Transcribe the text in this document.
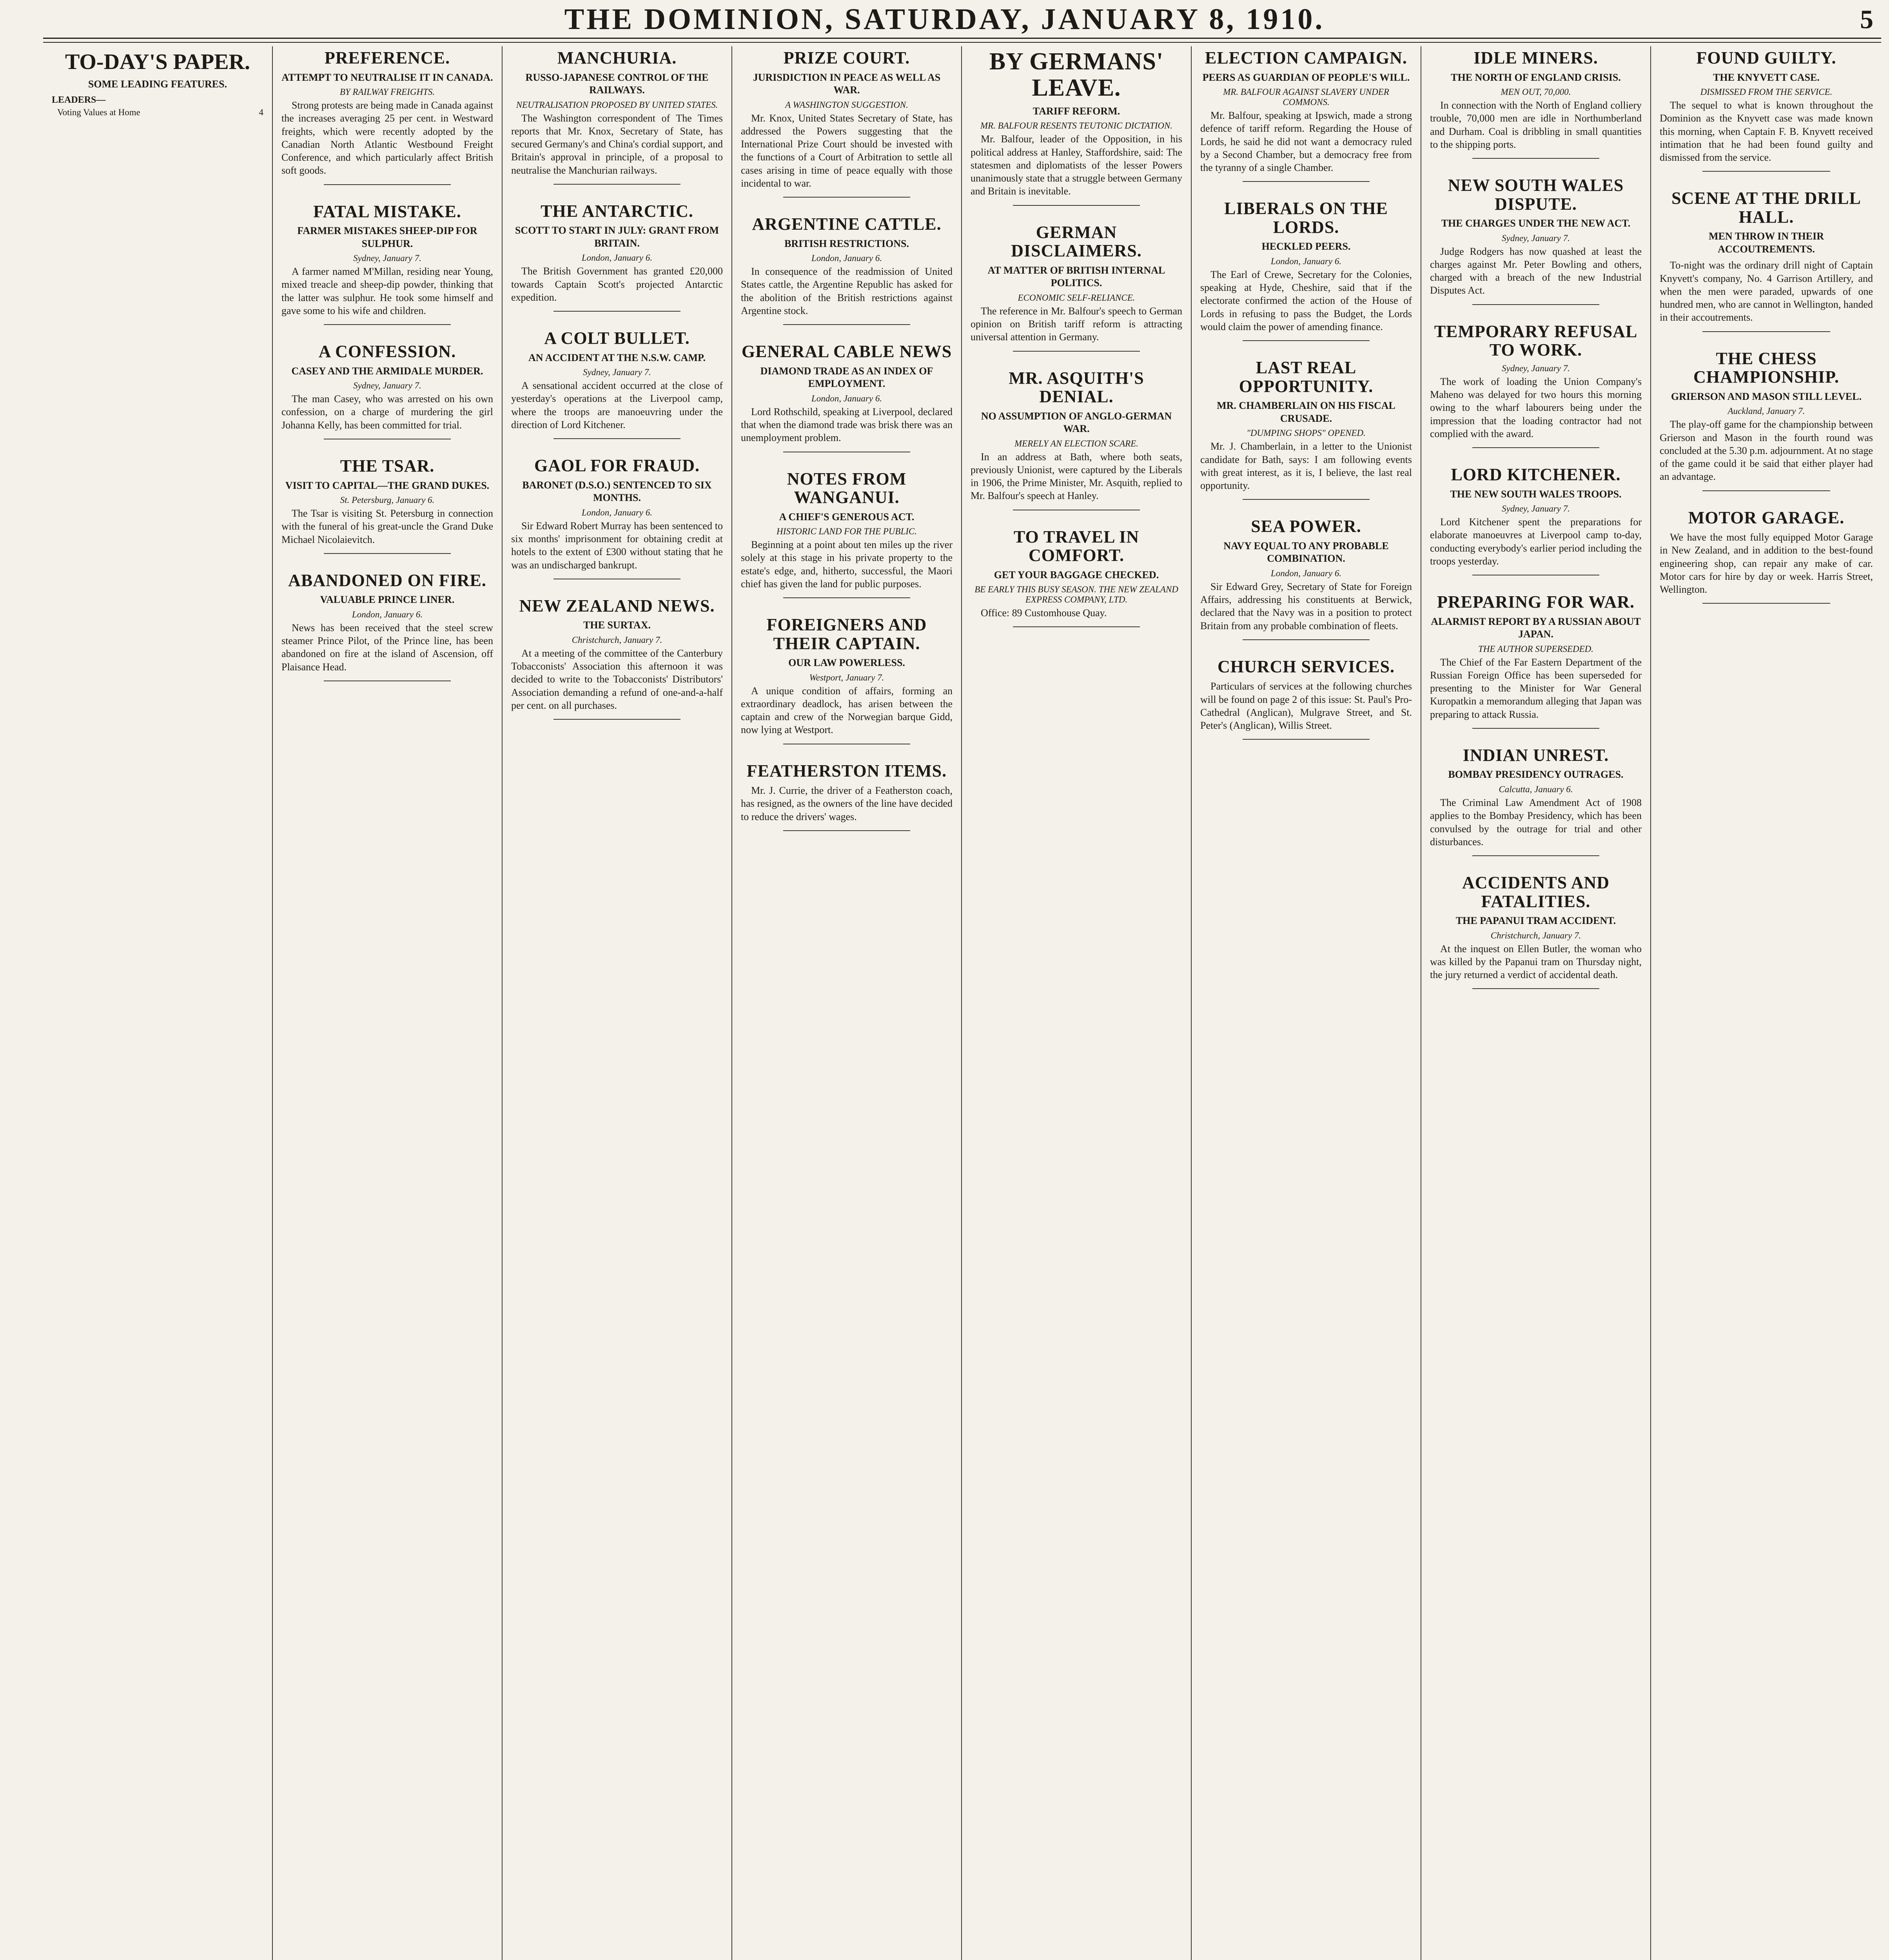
THE DOMINION, SATURDAY, JANUARY 8, 1910.	5
TO-DAY'S PAPER.
SOME LEADING FEATURES.
LEADERS—
Voting Values at Home	4

PREFERENCE.
ATTEMPT TO NEUTRALISE IT IN CANADA.
BY RAILWAY FREIGHTS.

Strong protests are being made in Canada against the increases averaging 25 per cent. in Westward freights, which were recently adopted by the Canadian North Atlantic Westbound Freight Conference, and which particularly affect British soft goods.

FATAL MISTAKE.
FARMER MISTAKES SHEEP-DIP FOR SULPHUR.
Sydney, January 7.

A farmer named M'Millan, residing near Young, mixed treacle and sheep-dip powder, thinking that the latter was sulphur. He took some himself and gave some to his wife and children.

A CONFESSION.
CASEY AND THE ARMIDALE MURDER.
Sydney, January 7.

The man Casey, who was arrested on his own confession, on a charge of murdering the girl Johanna Kelly, has been committed for trial.

THE TSAR.
VISIT TO CAPITAL—THE GRAND DUKES.
St. Petersburg, January 6.

The Tsar is visiting St. Petersburg in connection with the funeral of his great-uncle the Grand Duke Michael Nicolaievitch.

ABANDONED ON FIRE.
VALUABLE PRINCE LINER.
London, January 6.

News has been received that the steel screw steamer Prince Pilot, of the Prince line, has been abandoned on fire at the island of Ascension, off Plaisance Head.

MANCHURIA.
RUSSO-JAPANESE CONTROL OF THE RAILWAYS.
NEUTRALISATION PROPOSED BY UNITED STATES.

The Washington correspondent of The Times reports that Mr. Knox, Secretary of State, has secured Germany's and China's cordial support, and Britain's approval in principle, of a proposal to neutralise the Manchurian railways.

THE ANTARCTIC.
SCOTT TO START IN JULY: GRANT FROM BRITAIN.
London, January 6.

The British Government has granted £20,000 towards Captain Scott's projected Antarctic expedition.

A COLT BULLET.
AN ACCIDENT AT THE N.S.W. CAMP.
Sydney, January 7.

A sensational accident occurred at the close of yesterday's operations at the Liverpool camp, where the troops are manoeuvring under the direction of Lord Kitchener.

GAOL FOR FRAUD.
BARONET (D.S.O.) SENTENCED TO SIX MONTHS.
London, January 6.

Sir Edward Robert Murray has been sentenced to six months' imprisonment for obtaining credit at hotels to the extent of £300 without stating that he was an undischarged bankrupt.

NEW ZEALAND NEWS.
THE SURTAX.
Christchurch, January 7.

At a meeting of the committee of the Canterbury Tobacconists' Association this afternoon it was decided to write to the Tobacconists' Distributors' Association demanding a refund of one-and-a-half per cent. on all purchases.

PRIZE COURT.
JURISDICTION IN PEACE AS WELL AS WAR.
A WASHINGTON SUGGESTION.

Mr. Knox, United States Secretary of State, has addressed the Powers suggesting that the International Prize Court should be invested with the functions of a Court of Arbitration to settle all cases arising in time of peace equally with those incidental to war.

ARGENTINE CATTLE.
BRITISH RESTRICTIONS.
London, January 6.

In consequence of the readmission of United States cattle, the Argentine Republic has asked for the abolition of the British restrictions against Argentine stock.

GENERAL CABLE NEWS
DIAMOND TRADE AS AN INDEX OF EMPLOYMENT.
London, January 6.

Lord Rothschild, speaking at Liverpool, declared that when the diamond trade was brisk there was an unemployment problem.

NOTES FROM WANGANUI.
A CHIEF'S GENEROUS ACT.
HISTORIC LAND FOR THE PUBLIC.

Beginning at a point about ten miles up the river solely at this stage in his private property to the estate's edge, and, hitherto, successful, the Maori chief has given the land for public purposes.

FOREIGNERS AND THEIR CAPTAIN.
OUR LAW POWERLESS.
Westport, January 7.

A unique condition of affairs, forming an extraordinary deadlock, has arisen between the captain and crew of the Norwegian barque Gidd, now lying at Westport.

FEATHERSTON ITEMS.

Mr. J. Currie, the driver of a Featherston coach, has resigned, as the owners of the line have decided to reduce the drivers' wages.

BY GERMANS' LEAVE.
TARIFF REFORM.
MR. BALFOUR RESENTS TEUTONIC DICTATION.

Mr. Balfour, leader of the Opposition, in his political address at Hanley, Staffordshire, said: The statesmen and diplomatists of the lesser Powers unanimously state that a struggle between Germany and Britain is inevitable.

GERMAN DISCLAIMERS.
AT MATTER OF BRITISH INTERNAL POLITICS.
ECONOMIC SELF-RELIANCE.

The reference in Mr. Balfour's speech to German opinion on British tariff reform is attracting universal attention in Germany.

MR. ASQUITH'S DENIAL.
NO ASSUMPTION OF ANGLO-GERMAN WAR.
MERELY AN ELECTION SCARE.

In an address at Bath, where both seats, previously Unionist, were captured by the Liberals in 1906, the Prime Minister, Mr. Asquith, replied to Mr. Balfour's speech at Hanley.

TO TRAVEL IN COMFORT.
GET YOUR BAGGAGE CHECKED.
BE EARLY THIS BUSY SEASON. THE NEW ZEALAND EXPRESS COMPANY, LTD.

Office: 89 Customhouse Quay.

ELECTION CAMPAIGN.
PEERS AS GUARDIAN OF PEOPLE'S WILL.
MR. BALFOUR AGAINST SLAVERY UNDER COMMONS.

Mr. Balfour, speaking at Ipswich, made a strong defence of tariff reform. Regarding the House of Lords, he said he did not want a democracy ruled by a Second Chamber, but a democracy free from the tyranny of a single Chamber.

LIBERALS ON THE LORDS.
HECKLED PEERS.
London, January 6.

The Earl of Crewe, Secretary for the Colonies, speaking at Hyde, Cheshire, said that if the electorate confirmed the action of the House of Lords in refusing to pass the Budget, the Lords would claim the power of amending finance.

LAST REAL OPPORTUNITY.
MR. CHAMBERLAIN ON HIS FISCAL CRUSADE.
"DUMPING SHOPS" OPENED.

Mr. J. Chamberlain, in a letter to the Unionist candidate for Bath, says: I am following events with great interest, as it is, I believe, the last real opportunity.

SEA POWER.
NAVY EQUAL TO ANY PROBABLE COMBINATION.
London, January 6.

Sir Edward Grey, Secretary of State for Foreign Affairs, addressing his constituents at Berwick, declared that the Navy was in a position to protect Britain from any probable combination of fleets.

CHURCH SERVICES.

Particulars of services at the following churches will be found on page 2 of this issue: St. Paul's Pro-Cathedral (Anglican), Mulgrave Street, and St. Peter's (Anglican), Willis Street.

IDLE MINERS.
THE NORTH OF ENGLAND CRISIS.
MEN OUT, 70,000.

In connection with the North of England colliery trouble, 70,000 men are idle in Northumberland and Durham. Coal is dribbling in small quantities to the shipping ports.

NEW SOUTH WALES DISPUTE.
THE CHARGES UNDER THE NEW ACT.
Sydney, January 7.

Judge Rodgers has now quashed at least the charges against Mr. Peter Bowling and others, charged with a breach of the new Industrial Disputes Act.

TEMPORARY REFUSAL TO WORK.
Sydney, January 7.

The work of loading the Union Company's Maheno was delayed for two hours this morning owing to the wharf labourers being under the impression that the loading contractor had not complied with the award.

LORD KITCHENER.
THE NEW SOUTH WALES TROOPS.
Sydney, January 7.

Lord Kitchener spent the preparations for elaborate manoeuvres at Liverpool camp to-day, conducting everybody's earlier period including the troops yesterday.

PREPARING FOR WAR.
ALARMIST REPORT BY A RUSSIAN ABOUT JAPAN.
THE AUTHOR SUPERSEDED.

The Chief of the Far Eastern Department of the Russian Foreign Office has been superseded for presenting to the Minister for War General Kuropatkin a memorandum alleging that Japan was preparing to attack Russia.

INDIAN UNREST.
BOMBAY PRESIDENCY OUTRAGES.
Calcutta, January 6.

The Criminal Law Amendment Act of 1908 applies to the Bombay Presidency, which has been convulsed by the outrage for trial and other disturbances.

ACCIDENTS AND FATALITIES.
THE PAPANUI TRAM ACCIDENT.
Christchurch, January 7.

At the inquest on Ellen Butler, the woman who was killed by the Papanui tram on Thursday night, the jury returned a verdict of accidental death.

FOUND GUILTY.
THE KNYVETT CASE.
DISMISSED FROM THE SERVICE.

The sequel to what is known throughout the Dominion as the Knyvett case was made known this morning, when Captain F. B. Knyvett received intimation that he had been found guilty and dismissed from the service.

SCENE AT THE DRILL HALL.
MEN THROW IN THEIR ACCOUTREMENTS.

To-night was the ordinary drill night of Captain Knyvett's company, No. 4 Garrison Artillery, and when the men were paraded, upwards of one hundred men, who are cannot in Wellington, handed in their accoutrements.

THE CHESS CHAMPIONSHIP.
GRIERSON AND MASON STILL LEVEL.
Auckland, January 7.

The play-off game for the championship between Grierson and Mason in the fourth round was concluded at the 5.30 p.m. adjournment. At no stage of the game could it be said that either player had an advantage.

MOTOR GARAGE.

We have the most fully equipped Motor Garage in New Zealand, and in addition to the best-found engineering shop, can repair any make of car. Motor cars for hire by day or week. Harris Street, Wellington.
